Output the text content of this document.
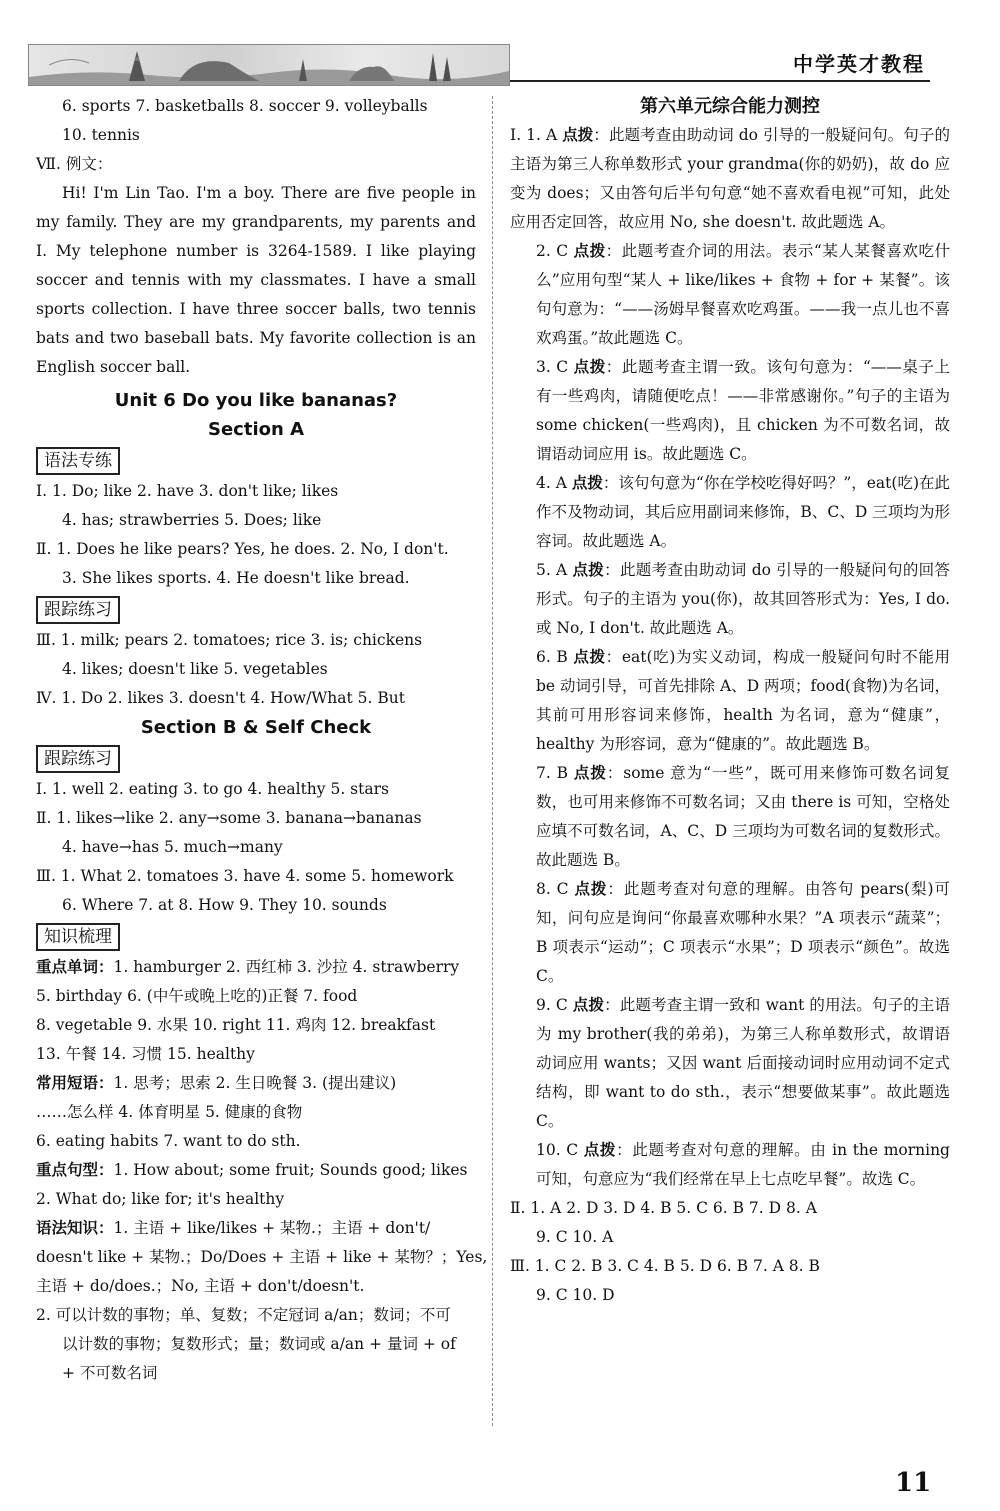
中学英才教程
6. sports 7. basketballs 8. soccer 9. volleyballs
10. tennis
Ⅶ. 例文：
Hi! I'm Lin Tao. I'm a boy. There are five people in my family. They are my grandparents, my parents and I. My telephone number is 3264-1589. I like playing soccer and tennis with my classmates. I have a small sports collection. I have three soccer balls, two tennis bats and two baseball bats. My favorite collection is an English soccer ball.
Unit 6 Do you like bananas?
Section A
语法专练
Ⅰ. 1. Do; like 2. have 3. don't like; likes
4. has; strawberries 5. Does; like
Ⅱ. 1. Does he like pears? Yes, he does. 2. No, I don't.
3. She likes sports. 4. He doesn't like bread.
跟踪练习
Ⅲ. 1. milk; pears 2. tomatoes; rice 3. is; chickens
4. likes; doesn't like 5. vegetables
Ⅳ. 1. Do 2. likes 3. doesn't 4. How/What 5. But
Section B & Self Check
跟踪练习
Ⅰ. 1. well 2. eating 3. to go 4. healthy 5. stars
Ⅱ. 1. likes→like 2. any→some 3. banana→bananas
4. have→has 5. much→many
Ⅲ. 1. What 2. tomatoes 3. have 4. some 5. homework
6. Where 7. at 8. How 9. They 10. sounds
知识梳理
重点单词：1. hamburger 2. 西红柿 3. 沙拉 4. strawberry
5. birthday 6. (中午或晚上吃的)正餐 7. food
8. vegetable 9. 水果 10. right 11. 鸡肉 12. breakfast
13. 午餐 14. 习惯 15. healthy
常用短语：1. 思考；思索 2. 生日晚餐 3. (提出建议)
……怎么样 4. 体育明星 5. 健康的食物
6. eating habits 7. want to do sth.
重点句型：1. How about; some fruit; Sounds good; likes
2. What do; like for; it's healthy
语法知识：1. 主语 + like/likes + 某物.；主语 + don't/
doesn't like + 某物.；Do/Does + 主语 + like + 某物？；Yes,
主语 + do/does.；No, 主语 + don't/doesn't.
2. 可以计数的事物；单、复数；不定冠词 a/an；数词；不可
以计数的事物；复数形式；量；数词或 a/an + 量词 + of
+ 不可数名词
第六单元综合能力测控
Ⅰ. 1. A 点拨：此题考查由助动词 do 引导的一般疑问句。句子的主语为第三人称单数形式 your grandma(你的奶奶)，故 do 应变为 does；又由答句后半句句意“她不喜欢看电视”可知，此处应用否定回答，故应用 No, she doesn't. 故此题选 A。
2. C 点拨：此题考查介词的用法。表示“某人某餐喜欢吃什么”应用句型“某人 + like/likes + 食物 + for + 某餐”。该句句意为：“——汤姆早餐喜欢吃鸡蛋。——我一点儿也不喜欢鸡蛋。”故此题选 C。
3. C 点拨：此题考查主谓一致。该句句意为：“——桌子上有一些鸡肉，请随便吃点！——非常感谢你。”句子的主语为 some chicken(一些鸡肉)，且 chicken 为不可数名词，故谓语动词应用 is。故此题选 C。
4. A 点拨：该句句意为“你在学校吃得好吗？”，eat(吃)在此作不及物动词，其后应用副词来修饰，B、C、D 三项均为形容词。故此题选 A。
5. A 点拨：此题考查由助动词 do 引导的一般疑问句的回答形式。句子的主语为 you(你)，故其回答形式为：Yes, I do. 或 No, I don't. 故此题选 A。
6. B 点拨：eat(吃)为实义动词，构成一般疑问句时不能用 be 动词引导，可首先排除 A、D 两项；food(食物)为名词，其前可用形容词来修饰，health 为名词，意为“健康”，healthy 为形容词，意为“健康的”。故此题选 B。
7. B 点拨：some 意为“一些”，既可用来修饰可数名词复数，也可用来修饰不可数名词；又由 there is 可知，空格处应填不可数名词，A、C、D 三项均为可数名词的复数形式。故此题选 B。
8. C 点拨：此题考查对句意的理解。由答句 pears(梨)可知，问句应是询问“你最喜欢哪种水果？”A 项表示“蔬菜”；B 项表示“运动”；C 项表示“水果”；D 项表示“颜色”。故选 C。
9. C 点拨：此题考查主谓一致和 want 的用法。句子的主语为 my brother(我的弟弟)，为第三人称单数形式，故谓语动词应用 wants；又因 want 后面接动词时应用动词不定式结构，即 want to do sth.，表示“想要做某事”。故此题选 C。
10. C 点拨：此题考查对句意的理解。由 in the morning 可知，句意应为“我们经常在早上七点吃早餐”。故选 C。
Ⅱ. 1. A 2. D 3. D 4. B 5. C 6. B 7. D 8. A
9. C 10. A
Ⅲ. 1. C 2. B 3. C 4. B 5. D 6. B 7. A 8. B
9. C 10. D
11
